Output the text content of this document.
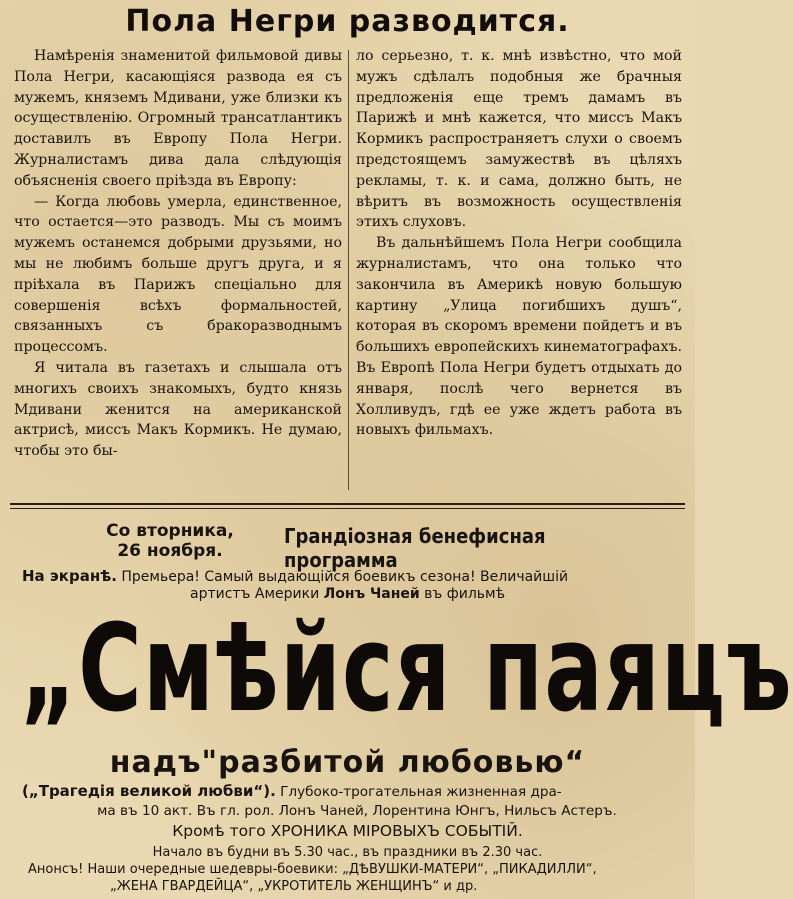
Пола Негри разводится.

Намѣренія знаменитой фильмовой дивы Пола Негри, касающіяся развода ея съ мужемъ, княземъ Мдивани, уже близки къ осуществленію. Огромный трансатлантикъ доставилъ въ Европу Пола Негри. Журналистамъ дива дала слѣдующія объясненія своего пріѣзда въ Европу:

— Когда любовь умерла, единственное, что остается—это разводъ. Мы съ моимъ мужемъ останемся добрыми друзьями, но мы не любимъ больше другъ друга, и я пріѣхала въ Парижъ спеціально для совершенія всѣхъ формальностей, связанныхъ съ бракоразводнымъ процессомъ.

Я читала въ газетахъ и слышала отъ многихъ своихъ знакомыхъ, будто князь Мдивани женится на американской актрисѣ, миссъ Макъ Кормикъ. Не думаю, чтобы это бы-

ло серьезно, т. к. мнѣ извѣстно, что мой мужъ сдѣлалъ подобныя же брачныя предложенія еще тремъ дамамъ въ Парижѣ и мнѣ кажется, что миссъ Макъ Кормикъ распространяетъ слухи о своемъ предстоящемъ замужествѣ въ цѣляхъ рекламы, т. к. и сама, должно быть, не вѣритъ въ возможность осуществленія этихъ слуховъ.

Въ дальнѣйшемъ Пола Негри сообщила журналистамъ, что она только что закончила въ Америкѣ новую большую картину „Улица погибшихъ душъ“, которая въ скоромъ времени пойдетъ и въ большихъ европейскихъ кинематографахъ. Въ Европѣ Пола Негри будетъ отдыхать до января, послѣ чего вернется въ Холливудъ, гдѣ ее уже ждетъ работа въ новыхъ фильмахъ.

Со вторника,
26 ноября.
Грандіозная бенефисная программа
На экранѣ. Премьера! Самый выдающійся боевикъ сезона! Величайшій
артистъ Америки Лонъ Чаней въ фильмѣ
„Смѣйся паяцъ
надъ"разбитой любовью“
(„Трагедія великой любви“). Глубоко-трогательная жизненная дра-
ма въ 10 акт. Въ гл. рол. Лонъ Чаней, Лорентина Юнгъ, Нильсъ Астеръ.
Кромѣ того ХРОНИКА МІРОВЫХЪ СОБЫТІЙ.
Начало въ будни въ 5.30 час., въ праздники въ 2.30 час.
Анонсъ! Наши очередные шедевры-боевики: „ДѢВУШКИ-МАТЕРИ“, „ПИКАДИЛЛИ“,
„ЖЕНА ГВАРДЕЙЦА“, „УКРОТИТЕЛЬ ЖЕНЩИНЪ“ и др.
